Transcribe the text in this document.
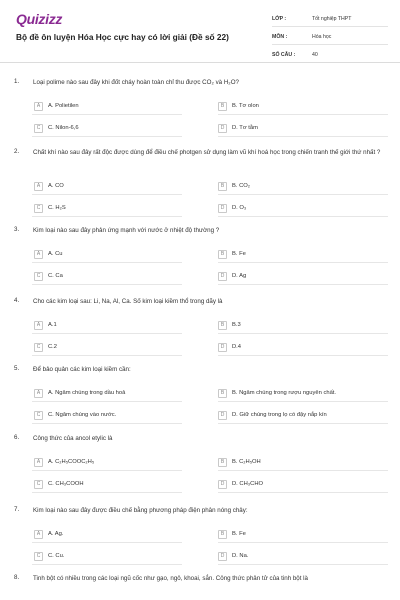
Quizizz
Bộ đề ôn luyện Hóa Học cực hay có lời giải (Đề số 22)
LỚP :	Tốt nghiệp THPT
MÔN :	Hóa học
SỐ CÂU :	40
1. Loại polime nào sau đây khi đốt cháy hoàn toàn chỉ thu được CO₂ và H₂O?
A	A. Polietilen	B	B. Tơ olon
C	C. Nilon-6,6	D	D. Tơ tằm
2. Chất khí nào sau đây rất độc được dùng để điều chế photgen sử dụng làm vũ khí hoá học trong chiến tranh thế giới thứ nhất ?
A	A. CO	B	B. CO₂
C	C. H₂S	D	D. O₃
3. Kim loại nào sau đây phản ứng mạnh với nước ở nhiệt độ thường ?
A	A. Cu	B	B. Fe
C	C. Ca	D	D. Ag
4. Cho các kim loại sau: Li, Na, Al, Ca. Số kim loại kiềm thổ trong dãy là
A	A.1	B	B.3
C	C.2	D	D.4
5. Để bảo quản các kim loại kiềm cần:
A	A. Ngâm chúng trong dầu hoả	B	B. Ngâm chúng trong rượu nguyên chất.
C	C. Ngâm chúng vào nước.	D	D. Giữ chúng trong lọ có đậy nắp kín
6. Công thức của ancol etylic là
A	A. C₂H₅COOC₂H₅	B	B. C₂H₅OH
C	C. CH₃COOH	D	D. CH₃CHO
7. Kim loại nào sau đây được điều chế bằng phương pháp điện phân nóng chảy:
A	A. Ag.	B	B. Fe
C	C. Cu.	D	D. Na.
8. Tinh bột có nhiều trong các loại ngũ cốc như gạo, ngô, khoai, sắn. Công thức phân tử của tinh bột là
